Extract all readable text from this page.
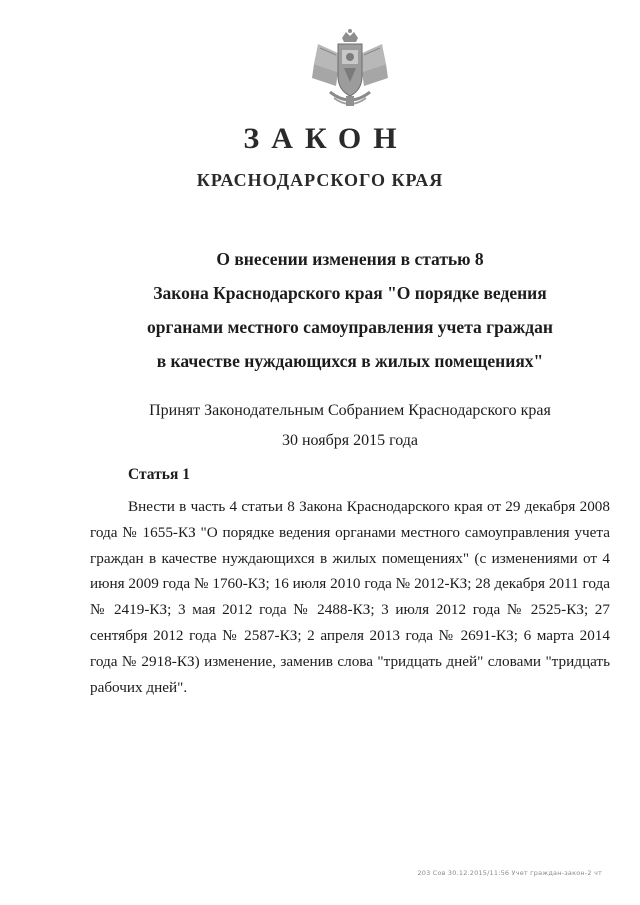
ЗАКОН
КРАСНОДАРСКОГО КРАЯ
О внесении изменения в статью 8
Закона Краснодарского края "О порядке ведения
органами местного самоуправления учета граждан
в качестве нуждающихся в жилых помещениях"
Принят Законодательным Собранием Краснодарского края
30 ноября 2015 года
Статья 1

Внести в часть 4 статьи 8 Закона Краснодарского края от 29 декабря 2008 года № 1655-КЗ "О порядке ведения органами местного самоуправления учета граждан в качестве нуждающихся в жилых помещениях" (с изменениями от 4 июня 2009 года № 1760-КЗ; 16 июля 2010 года № 2012-КЗ; 28 декабря 2011 года № 2419-КЗ; 3 мая 2012 года № 2488-КЗ; 3 июля 2012 года № 2525-КЗ; 27 сентября 2012 года № 2587-КЗ; 2 апреля 2013 года № 2691-КЗ; 6 марта 2014 года № 2918-КЗ) изменение, заменив слова "тридцать дней" словами "тридцать рабочих дней".

203 Сов 30.12.2015/11:56 Учет граждан-закон-2 чт
